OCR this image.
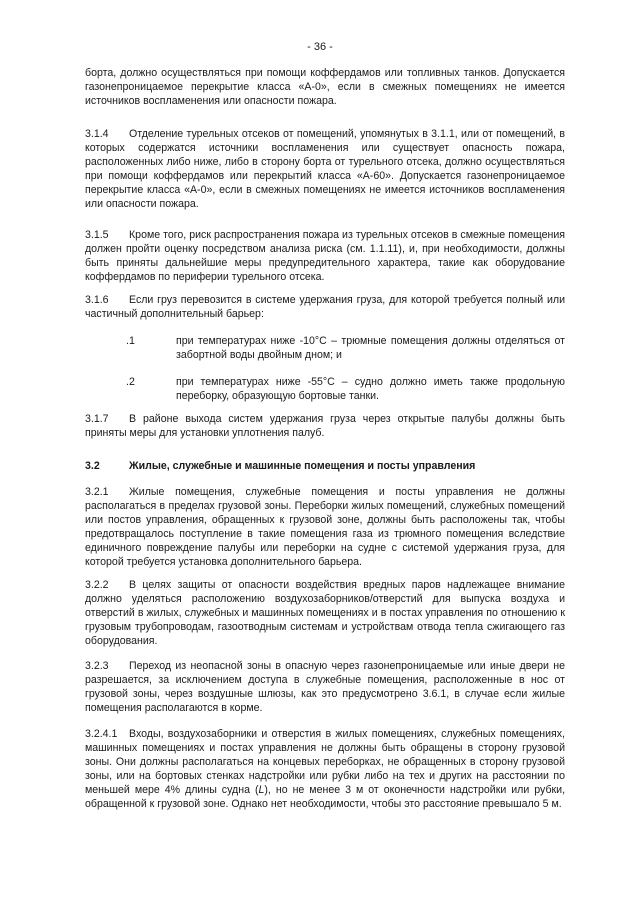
- 36 -

борта, должно осуществляться при помощи коффердамов или топливных танков. Допускается газонепроницаемое перекрытие класса «А-0», если в смежных помещениях не имеется источников воспламенения или опасности пожара.

3.1.4 Отделение турельных отсеков от помещений, упомянутых в 3.1.1, или от помещений, в которых содержатся источники воспламенения или существует опасность пожара, расположенных либо ниже, либо в сторону борта от турельного отсека, должно осуществляться при помощи коффердамов или перекрытий класса «А-60». Допускается газонепроницаемое перекрытие класса «А-0», если в смежных помещениях не имеется источников воспламенения или опасности пожара.

3.1.5 Кроме того, риск распространения пожара из турельных отсеков в смежные помещения должен пройти оценку посредством анализа риска (см. 1.1.11), и, при необходимости, должны быть приняты дальнейшие меры предупредительного характера, такие как оборудование коффердамов по периферии турельного отсека.

3.1.6 Если груз перевозится в системе удержания груза, для которой требуется полный или частичный дополнительный барьер:

.1	при температурах ниже -10°С – трюмные помещения должны отделяться от забортной воды двойным дном; и
.2	при температурах ниже -55°С – судно должно иметь также продольную переборку, образующую бортовые танки.

3.1.7 В районе выхода систем удержания груза через открытые палубы должны быть приняты меры для установки уплотнения палуб.

3.2	Жилые, служебные и машинные помещения и посты управления

3.2.1 Жилые помещения, служебные помещения и посты управления не должны располагаться в пределах грузовой зоны. Переборки жилых помещений, служебных помещений или постов управления, обращенных к грузовой зоне, должны быть расположены так, чтобы предотвращалось поступление в такие помещения газа из трюмного помещения вследствие единичного повреждение палубы или переборки на судне с системой удержания груза, для которой требуется установка дополнительного барьера.

3.2.2 В целях защиты от опасности воздействия вредных паров надлежащее внимание должно уделяться расположению воздухозаборников/отверстий для выпуска воздуха и отверстий в жилых, служебных и машинных помещениях и в постах управления по отношению к грузовым трубопроводам, газоотводным системам и устройствам отвода тепла сжигающего газ оборудования.

3.2.3 Переход из неопасной зоны в опасную через газонепроницаемые или иные двери не разрешается, за исключением доступа в служебные помещения, расположенные в нос от грузовой зоны, через воздушные шлюзы, как это предусмотрено 3.6.1, в случае если жилые помещения располагаются в корме.

3.2.4.1 Входы, воздухозаборники и отверстия в жилых помещениях, служебных помещениях, машинных помещениях и постах управления не должны быть обращены в сторону грузовой зоны. Они должны располагаться на концевых переборках, не обращенных в сторону грузовой зоны, или на бортовых стенках надстройки или рубки либо на тех и других на расстоянии по меньшей мере 4% длины судна (L), но не менее 3 м от оконечности надстройки или рубки, обращенной к грузовой зоне. Однако нет необходимости, чтобы это расстояние превышало 5 м.
